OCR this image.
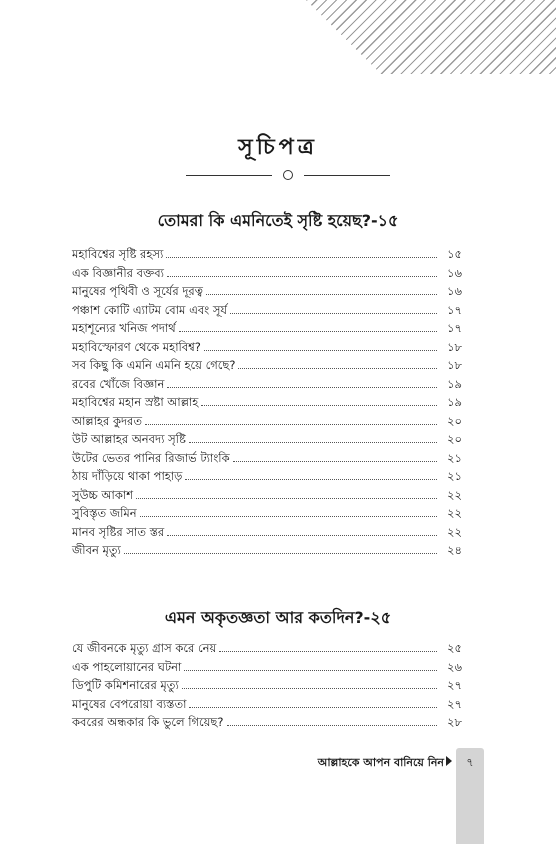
সূচিপত্র
তোমরা কি এমনিতেই সৃষ্টি হয়েছ?-১৫
মহাবিশ্বের সৃষ্টি রহস্য	১৫
এক বিজ্ঞানীর বক্তব্য	১৬
মানুষের পৃথিবী ও সূর্যের দূরত্ব	১৬
পঞ্চাশ কোটি এ্যাটম বোম এবং সূর্য	১৭
মহাশূন্যের খনিজ পদার্থ	১৭
মহাবিস্ফোরণ থেকে মহাবিশ্ব?	১৮
সব কিছু কি এমনি এমনি হয়ে গেছে?	১৮
রবের খোঁজে বিজ্ঞান	১৯
মহাবিশ্বের মহান স্রষ্টা আল্লাহ	১৯
আল্লাহর কুদরত	২০
উট আল্লাহর অনবদ্য সৃষ্টি	২০
উটের ভেতর পানির রিজার্ভ ট্যাংকি	২১
ঠায় দাঁড়িয়ে থাকা পাহাড়	২১
সুউচ্চ আকাশ	২২
সুবিস্তৃত জমিন	২২
মানব সৃষ্টির সাত স্তর	২২
জীবন মৃত্যু	২৪
এমন অকৃতজ্ঞতা আর কতদিন?-২৫
যে জীবনকে মৃত্যু গ্রাস করে নেয়	২৫
এক পাহলোয়ানের ঘটনা	২৬
ডিপুটি কমিশনারের মৃত্যু	২৭
মানুষের বেপরোয়া ব্যস্ততা	২৭
কবরের অন্ধকার কি ভুলে গিয়েছ?	২৮
আল্লাহকে আপন বানিয়ে নিন	৭
